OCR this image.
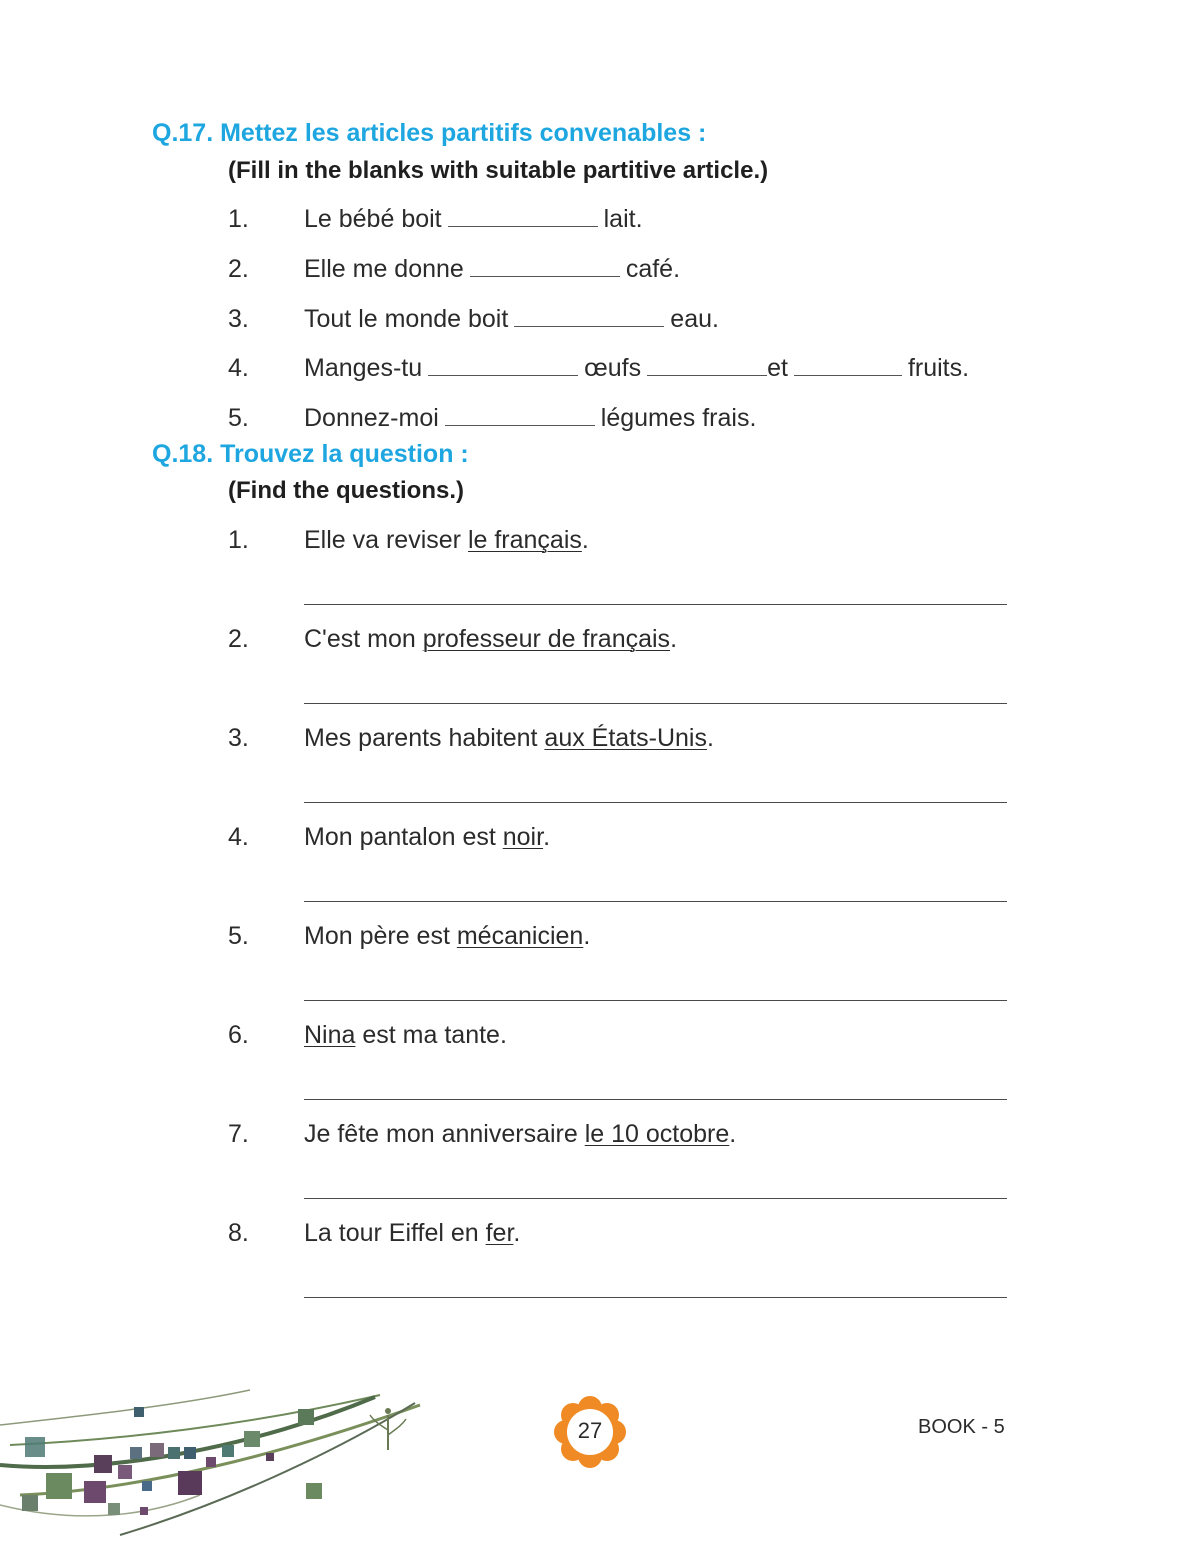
Q.17. Mettez les articles partitifs convenables :
(Fill in the blanks with suitable partitive article.)
1. Le bébé boit	lait.
2. Elle me donne	café.
3. Tout le monde boit	eau.
4. Manges-tu	œufs	et	fruits.
5. Donnez-moi	légumes frais.
Q.18. Trouvez la question :
(Find the questions.)
1. Elle va reviser le français.
2. C'est mon professeur de français.
3. Mes parents habitent aux États-Unis.
4. Mon pantalon est noir.
5. Mon père est mécanicien.
6. Nina est ma tante.
7. Je fête mon anniversaire le 10 octobre.
8. La tour Eiffel en fer.
27	BOOK - 5
